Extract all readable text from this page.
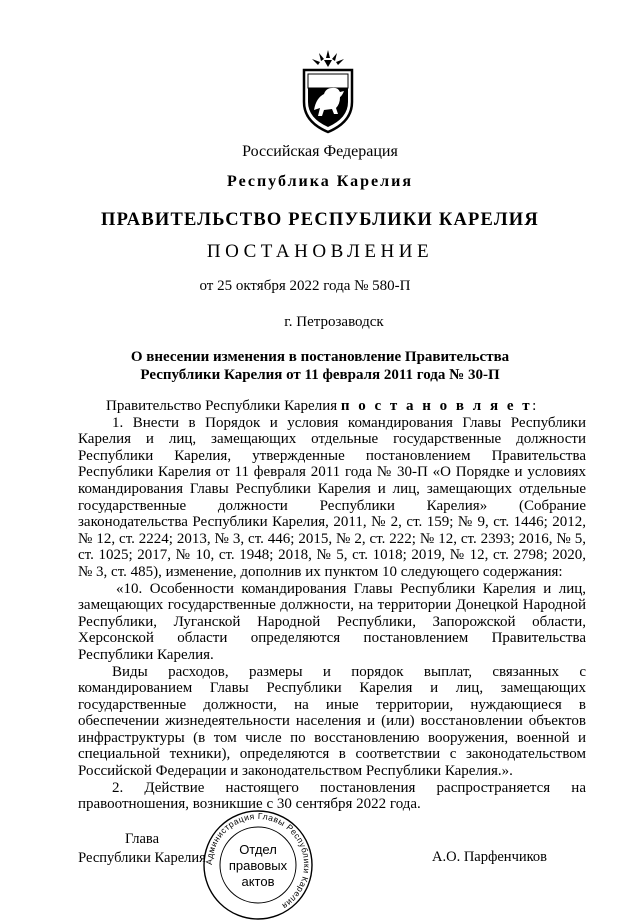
Российская Федерация
Республика Карелия
ПРАВИТЕЛЬСТВО РЕСПУБЛИКИ КАРЕЛИЯ
ПОСТАНОВЛЕНИЕ
от 25 октября 2022 года № 580-П
г. Петрозаводск
О внесении изменения в постановление Правительства
Республики Карелия от 11 февраля 2011 года № 30-П

Правительство Республики Карелия п о с т а н о в л я е т:

1. Внести в Порядок и условия командирования Главы Республики Карелия и лиц, замещающих отдельные государственные должности Республики Карелия, утвержденные постановлением Правительства Республики Карелия от 11 февраля 2011 года № 30-П «О Порядке и условиях командирования Главы Республики Карелия и лиц, замещающих отдельные государственные должности Республики Карелия» (Собрание законодательства Республики Карелия, 2011, № 2, ст. 159; № 9, ст. 1446; 2012, № 12, ст. 2224; 2013, № 3, ст. 446; 2015, № 2, ст. 222; № 12, ст. 2393; 2016, № 5, ст. 1025; 2017, № 10, ст. 1948; 2018, № 5, ст. 1018; 2019, № 12, ст. 2798; 2020, № 3, ст. 485), изменение, дополнив их пунктом 10 следующего содержания:

«10. Особенности командирования Главы Республики Карелия и лиц, замещающих государственные должности, на территории Донецкой Народной Республики, Луганской Народной Республики, Запорожской области, Херсонской области определяются постановлением Правительства Республики Карелия.

Виды расходов, размеры и порядок выплат, связанных с командированием Главы Республики Карелия и лиц, замещающих государственные должности, на иные территории, нуждающиеся в обеспечении жизнедеятельности населения и (или) восстановлении объектов инфраструктуры (в том числе по восстановлению вооружения, военной и специальной техники), определяются в соответствии с законодательством Российской Федерации и законодательством Республики Карелия.».

2. Действие настоящего постановления распространяется на правоотношения, возникшие с 30 сентября 2022 года.

Глава
Республики Карелия
Администрация Главы Республики Карелия
Отдел
правовых
актов
А.О. Парфенчиков
